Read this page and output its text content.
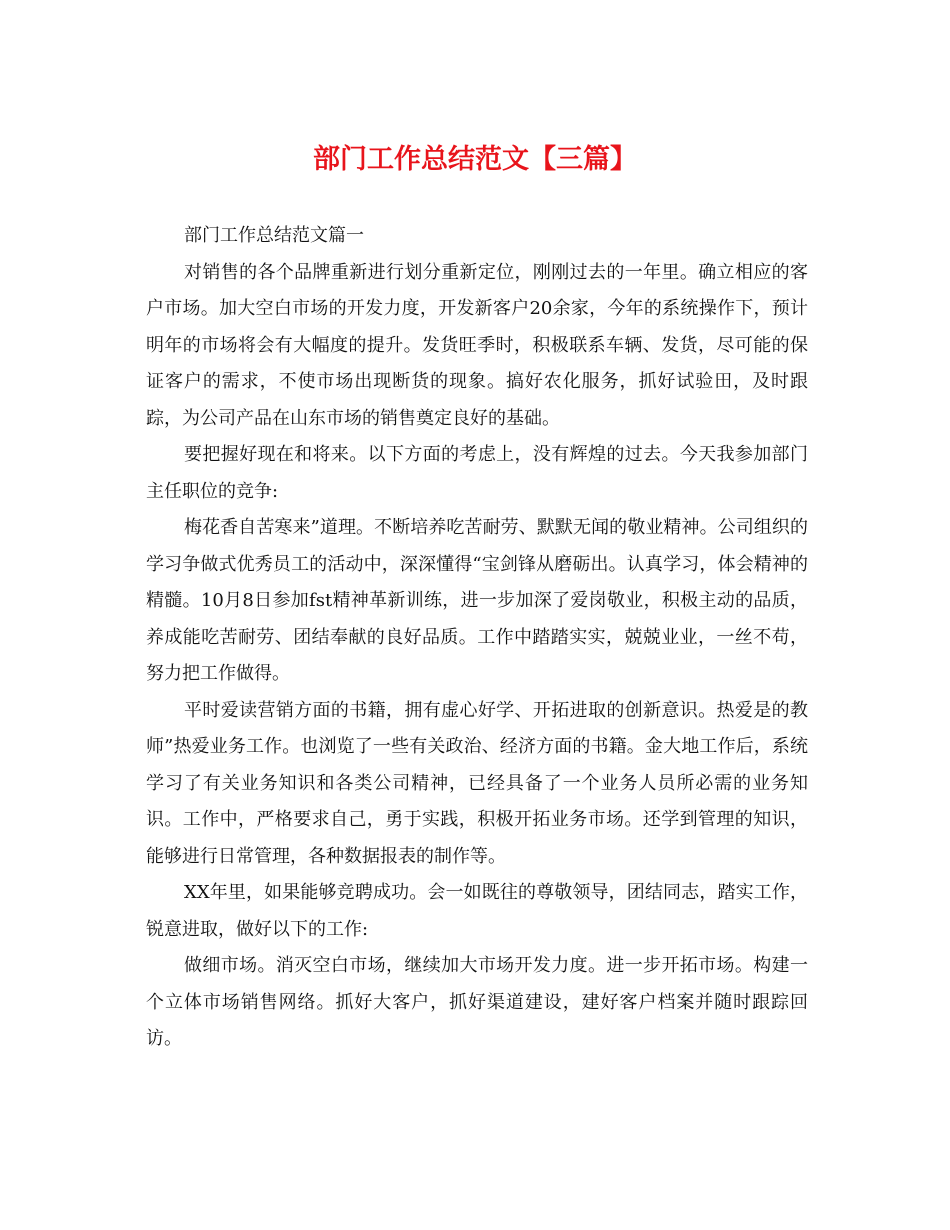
部门工作总结范文【三篇】

部门工作总结范文篇一

对销售的各个品牌重新进行划分重新定位，刚刚过去的一年里。确立相应的客户市场。加大空白市场的开发力度，开发新客户20余家，今年的系统操作下，预计明年的市场将会有大幅度的提升。发货旺季时，积极联系车辆、发货，尽可能的保证客户的需求，不使市场出现断货的现象。搞好农化服务，抓好试验田，及时跟踪，为公司产品在山东市场的销售奠定良好的基础。

要把握好现在和将来。以下方面的考虑上，没有辉煌的过去。今天我参加部门主任职位的竞争:

梅花香自苦寒来”道理。不断培养吃苦耐劳、默默无闻的敬业精神。公司组织的学习争做式优秀员工的活动中，深深懂得“宝剑锋从磨砺出。认真学习，体会精神的精髓。10月8日参加fst精神革新训练，进一步加深了爱岗敬业，积极主动的品质，养成能吃苦耐劳、团结奉献的良好品质。工作中踏踏实实，兢兢业业，一丝不苟，努力把工作做得。

平时爱读营销方面的书籍，拥有虚心好学、开拓进取的创新意识。热爱是的教师”热爱业务工作。也浏览了一些有关政治、经济方面的书籍。金大地工作后，系统学习了有关业务知识和各类公司精神，已经具备了一个业务人员所必需的业务知识。工作中，严格要求自己，勇于实践，积极开拓业务市场。还学到管理的知识，能够进行日常管理，各种数据报表的制作等。

XX年里，如果能够竞聘成功。会一如既往的尊敬领导，团结同志，踏实工作，锐意进取，做好以下的工作:

做细市场。消灭空白市场，继续加大市场开发力度。进一步开拓市场。构建一个立体市场销售网络。抓好大客户，抓好渠道建设，建好客户档案并随时跟踪回访。
